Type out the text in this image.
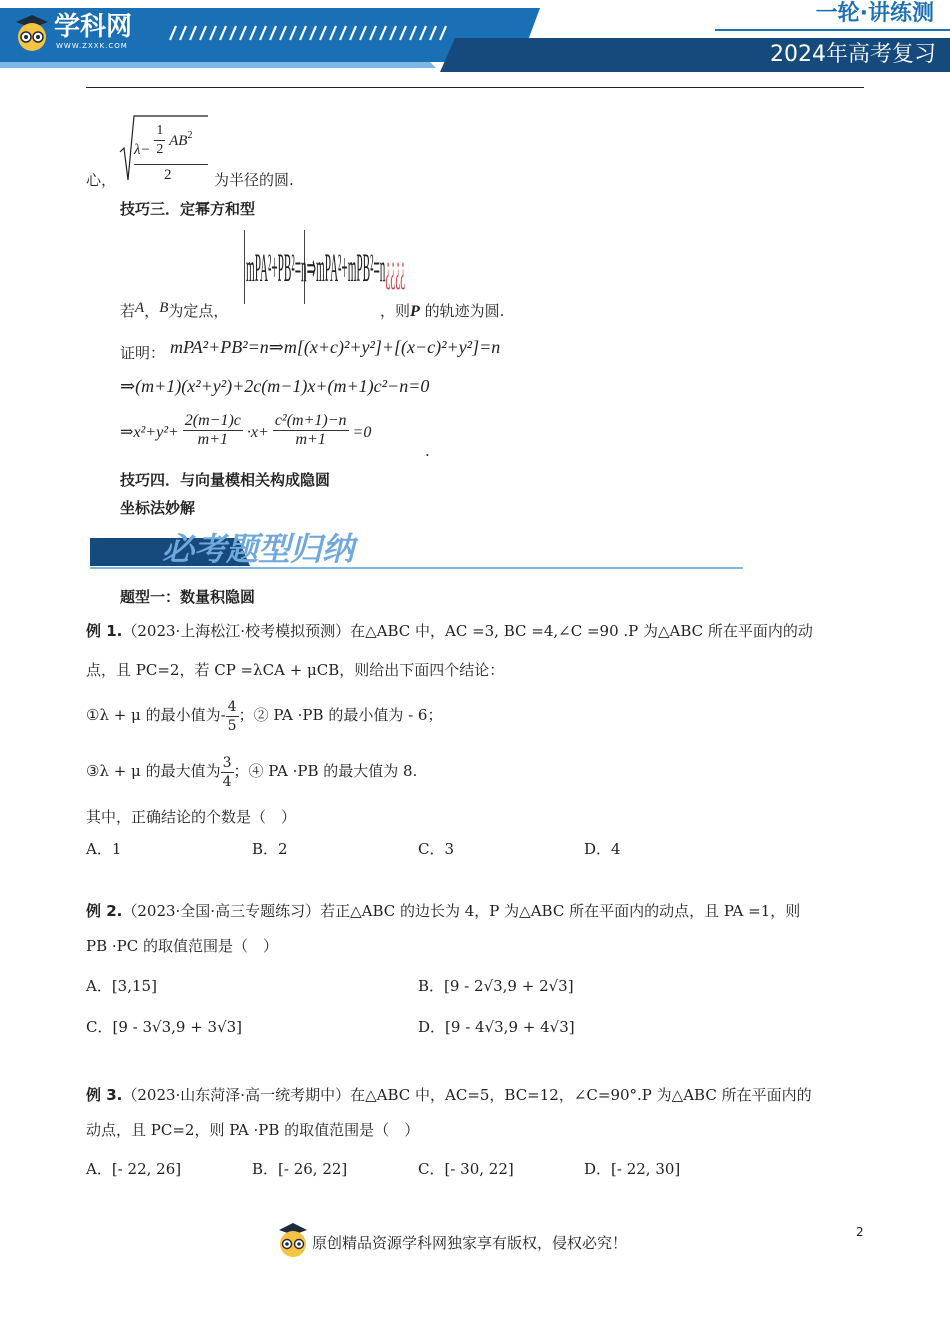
学科网
WWW.ZXXK.COM
一轮·讲练测
2024年高考复习
心，
$\lambda- \frac{1}{2} AB^2$
2	为半径的圆.
技巧三．定幂方和型
mPA²+PB²=n⇒mPA²+mPB²=n¿¿¿¿
若A，B为定点，	，则P 的轨迹为圆.
证明： mPA²+PB²=n⇒m[(x+c)²+y²]+[(x−c)²+y²]=n
⇒(m+1)(x²+y²)+2c(m−1)x+(m+1)c²−n=0
⇒x²+y²+ $\frac{2(m-1)c}{m+1} \cdot x+ \frac{\text{c²(m+1)−n}}{m+1} =0$
.
技巧四．与向量模相关构成隐圆
坐标法妙解
必考题型归纳
题型一：数量积隐圆
例 1.（2023·上海松江·校考模拟预测）在△ABC 中，AC =3, BC =4,∠C =90 .P 为△ABC 所在平面内的动
点，且 PC=2，若 CP =λCA + μCB，则给出下面四个结论：
①λ + μ 的最小值为- $\frac{4}{5}$ ；② PA ·PB 的最小值为 - 6；
③λ + μ 的最大值为 $\frac{3}{4}$ ；④ PA ·PB 的最大值为 8.
其中，正确结论的个数是（　）
A．1	B．2	C．3	D．4
例 2.（2023·全国·高三专题练习）若正△ABC 的边长为 4，P 为△ABC 所在平面内的动点，且 PA =1，则
PB ·PC 的取值范围是（　）
A．[3,15]	B．[9 - 2√3,9 + 2√3]
C．[9 - 3√3,9 + 3√3]	D．[9 - 4√3,9 + 4√3]
例 3.（2023·山东菏泽·高一统考期中）在△ABC 中，AC=5，BC=12，∠C=90°.P 为△ABC 所在平面内的
动点，且 PC=2，则 PA ·PB 的取值范围是（　）
A．[- 22, 26]	B．[- 26, 22]	C．[- 30, 22]	D．[- 22, 30]
2
原创精品资源学科网独家享有版权，侵权必究！
